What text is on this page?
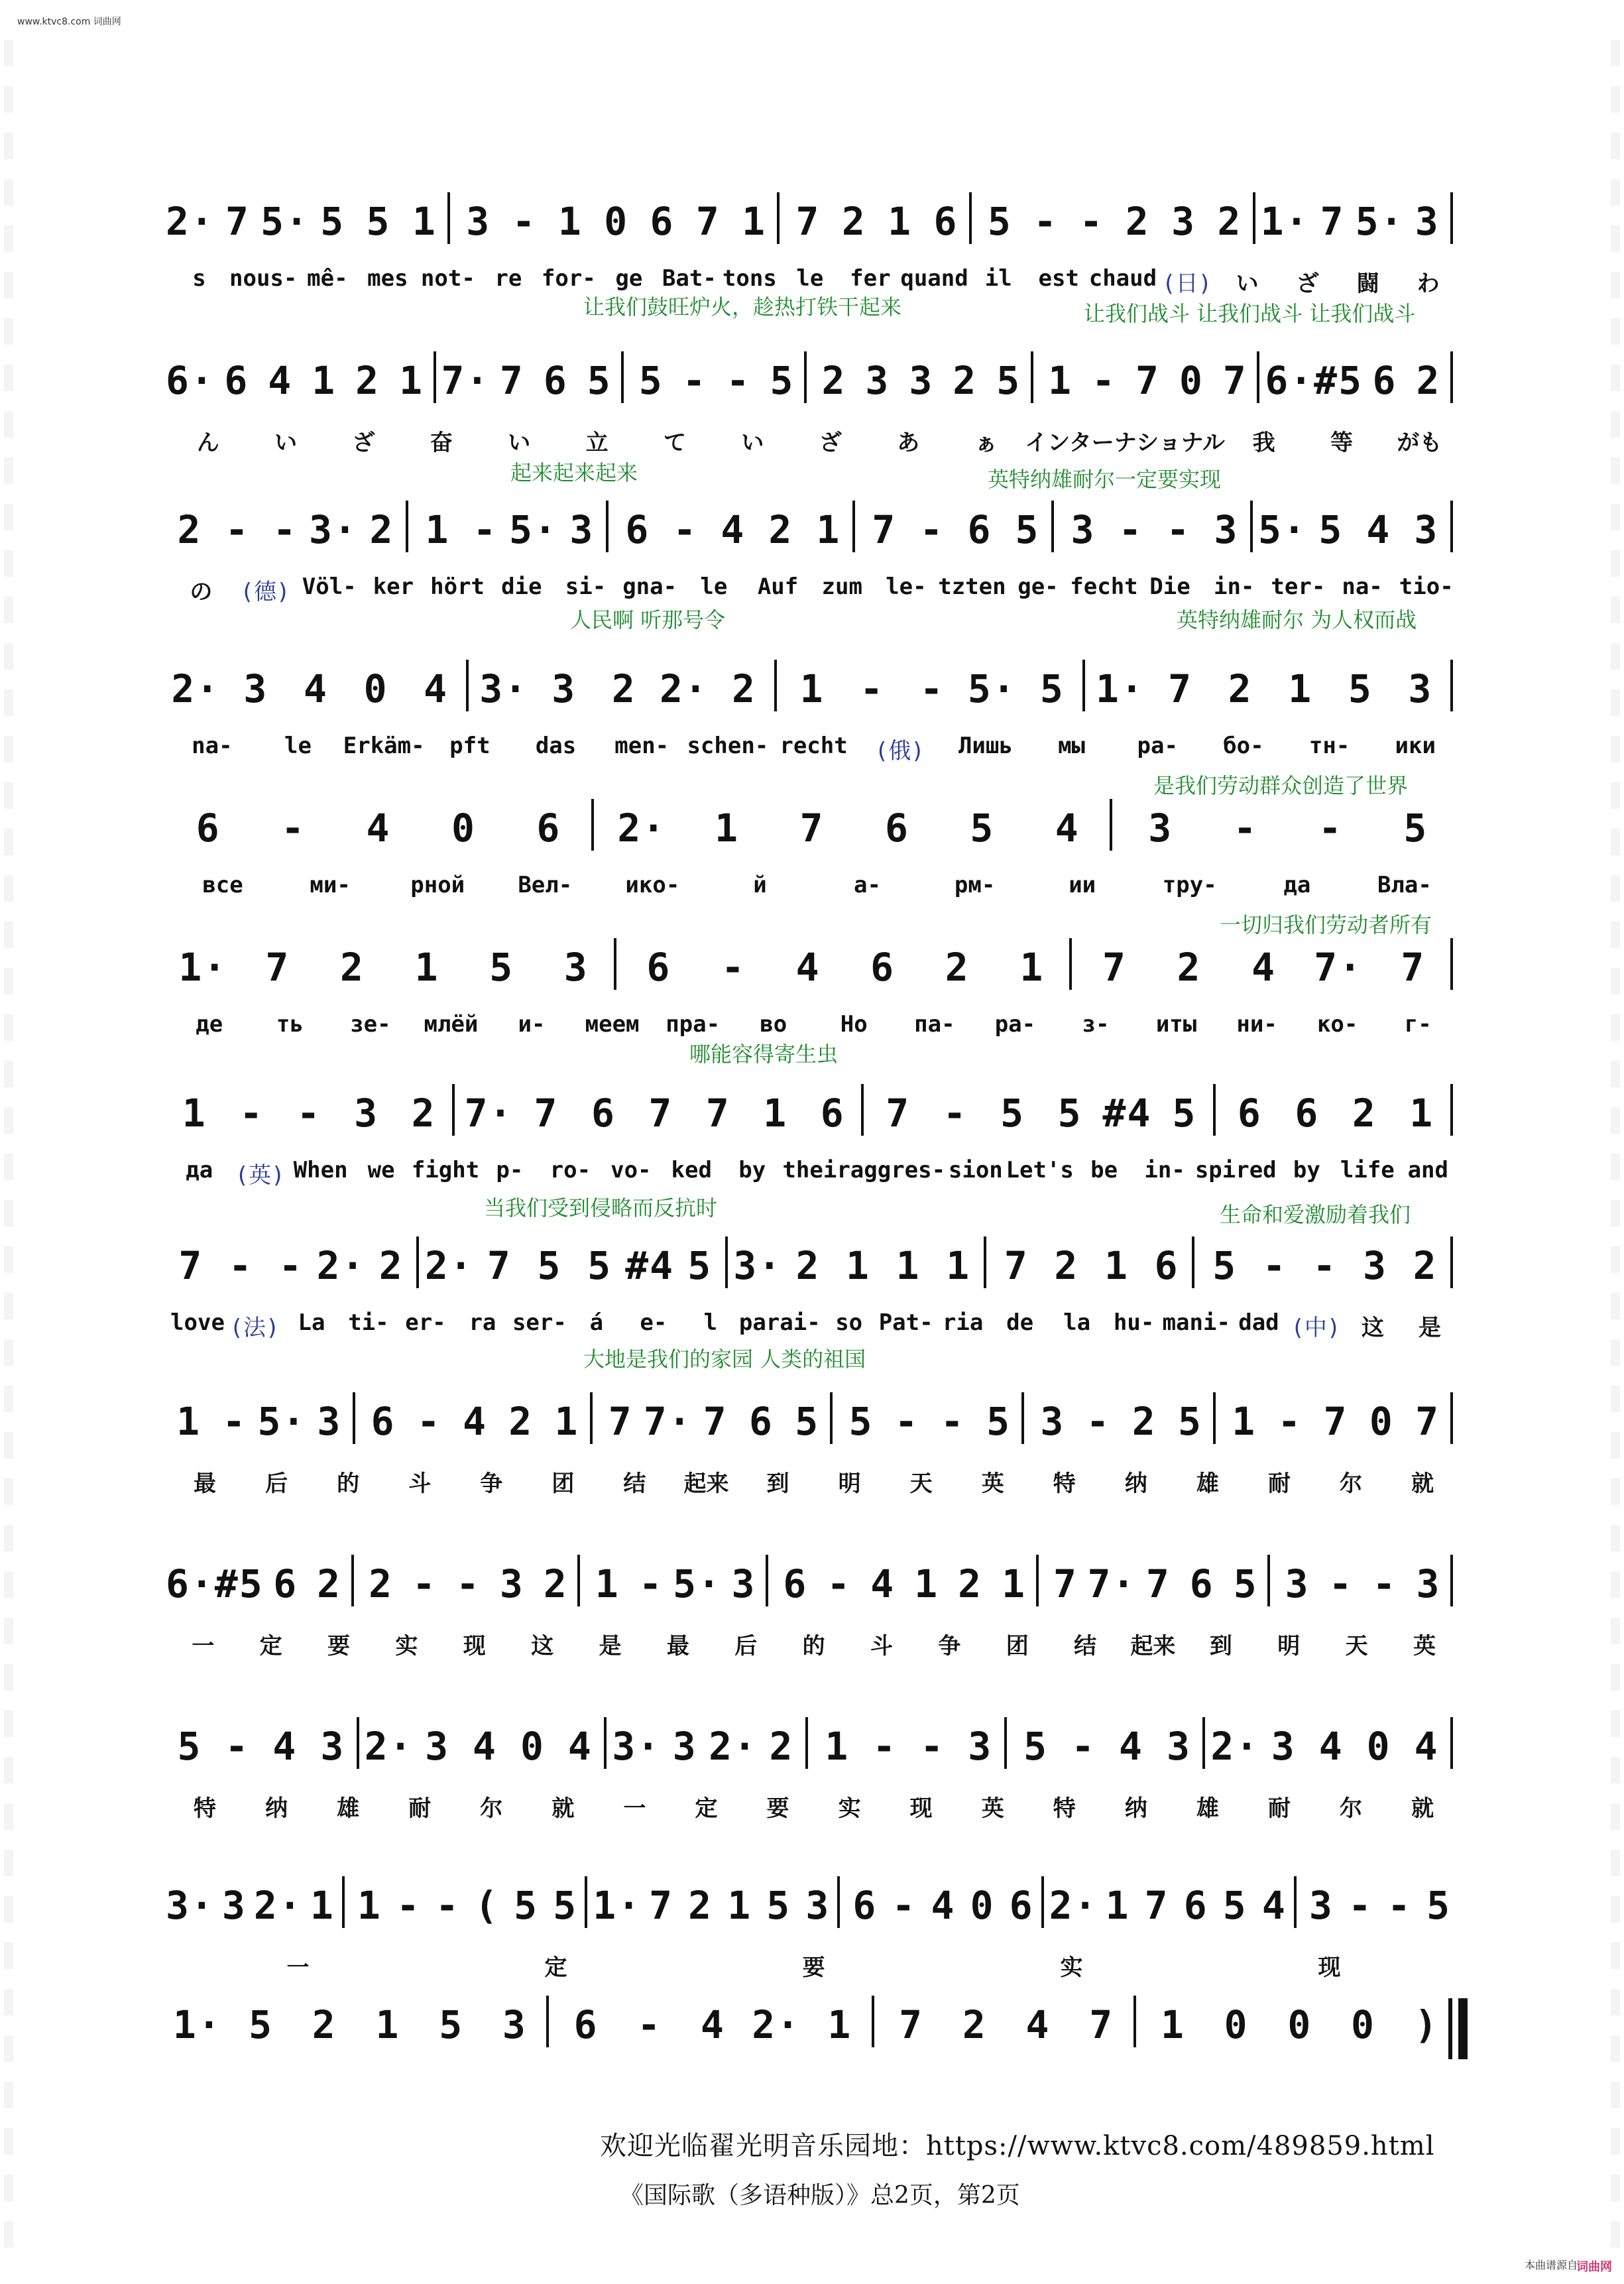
www.ktvc8.com 词曲网
2· 7 5· 5 5 1 3 - 1 0 6 7 1 7 2 1 6 5 - - 2 3 2 1· 7 5· 3
s	nous- mê- mes not- re for- ge Bat- tons le	fer quand il	est chaud (日)	い	ざ	闘	わ
让我们鼓旺炉火，趁热打铁干起来	让我们战斗 让我们战斗 让我们战斗
6· 6 4 1 2 1 7· 7 6 5 5 - - 5 2 3 3 2 5 1 - 7 0 7 6· #5 6 2
ん	い	ざ	奋	い	立	て	い	ざ	あ	ぁ	インターナショナル	我	等	がも
起来起来起来	英特纳雄耐尔一定要实现
2 - - 3· 2 1 - 5· 3 6 - 4 2 1 7 - 6 5 3 - - 3 5· 5 4 3
の	(德) Völ- ker hört die	si- gna-	le	Auf	zum	le- tzten ge- fecht Die	in- ter- na- tio-
人民啊 听那号令	英特纳雄耐尔 为人权而战
2· 3 4 0 4 3· 3 2 2· 2	1 - - 5· 5 1· 7 2 1 5 3
na-	le	Erkäm-	pft	das	men- schen- recht	(俄)	Лишь	мы	ра-	бо-	тн-	ики
是我们劳动群众创造了世界
6	-	4	0	6	2·	1	7	6	5	4	3	-	-	5
все	ми-	рной	Вел-	ико-	й	а-	рм-	ии	тру-	да	Вла-
一切归我们劳动者所有
1· 7	2	1	5	3	6	-	4	6	2	1	7	2	4 7· 7
де	ть	зе-	млёй	и-	меем	пра-	во	Но	па-	ра-	з-	иты	ни-	ко-	г-
哪能容得寄生虫
1 - - 3 2 7· 7 6 7 7 1 6	7 - 5 5 #4 5	6 6 2 1
да (英) When we fight p-	ro- vo- ked	by their aggres- sion Let's be	in- spired by life and
当我们受到侵略而反抗时	生命和爱激励着我们
7 - - 2· 2 2· 7 5 5 #4 5 3· 2 1 1 1 7 2 1 6 5 - - 3 2
love (法) La	ti- er-	ra ser-	á	e-	l parai- so Pat- ria	de	la	hu- mani- dad (中) 这	是
大地是我们的家园 人类的祖国
1 - 5· 3 6 - 4 2 1 7 7· 7 6 5 5 - - 5 3 - 2 5 1 - 7 0 7
最	后	的	斗	争	团	结	起来	到	明	天	英	特	纳	雄	耐	尔	就
6· #5 6 2 2 - - 3 2 1 - 5· 3 6 - 4 1 2 1 7 7· 7 6 5 3 - - 3
一	定	要	实	现	这	是	最	后	的	斗	争	团	结	起来	到	明	天	英
5 - 4 3 2· 3 4 0 4 3· 3 2· 2 1 - - 3 5 - 4 3 2· 3 4 0 4
特	纳	雄	耐	尔	就	一	定	要	实	现	英	特	纳	雄	耐	尔	就
3· 3 2· 1 1 - - ( 5 5 1· 7 2 1 5 3 6 - 4 0 6 2· 1 7 6 5 4 3 - - 5
一	定	要	实	现
1· 5	2	1	5	3	6	-	4 2· 1	7	2	4	7	1	0	0	0	)
欢迎光临翟光明音乐园地：https://www.ktvc8.com/489859.html
《国际歌（多语种版）》总2页，第2页
本曲谱源自
词曲网
